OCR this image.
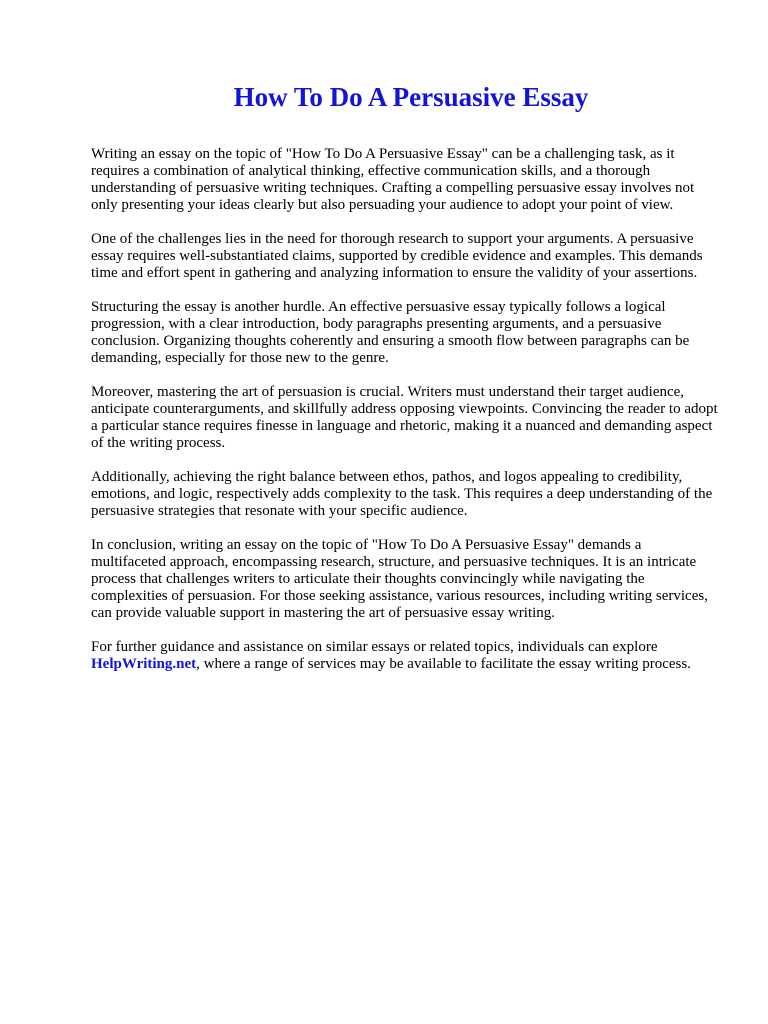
How To Do A Persuasive Essay

Writing an essay on the topic of "How To Do A Persuasive Essay" can be a challenging task, as it requires a combination of analytical thinking, effective communication skills, and a thorough understanding of persuasive writing techniques. Crafting a compelling persuasive essay involves not only presenting your ideas clearly but also persuading your audience to adopt your point of view.

One of the challenges lies in the need for thorough research to support your arguments. A persuasive essay requires well-substantiated claims, supported by credible evidence and examples. This demands time and effort spent in gathering and analyzing information to ensure the validity of your assertions.

Structuring the essay is another hurdle. An effective persuasive essay typically follows a logical progression, with a clear introduction, body paragraphs presenting arguments, and a persuasive conclusion. Organizing thoughts coherently and ensuring a smooth flow between paragraphs can be demanding, especially for those new to the genre.

Moreover, mastering the art of persuasion is crucial. Writers must understand their target audience, anticipate counterarguments, and skillfully address opposing viewpoints. Convincing the reader to adopt a particular stance requires finesse in language and rhetoric, making it a nuanced and demanding aspect of the writing process.

Additionally, achieving the right balance between ethos, pathos, and logos appealing to credibility, emotions, and logic, respectively adds complexity to the task. This requires a deep understanding of the persuasive strategies that resonate with your specific audience.

In conclusion, writing an essay on the topic of "How To Do A Persuasive Essay" demands a multifaceted approach, encompassing research, structure, and persuasive techniques. It is an intricate process that challenges writers to articulate their thoughts convincingly while navigating the complexities of persuasion. For those seeking assistance, various resources, including writing services, can provide valuable support in mastering the art of persuasive essay writing.

For further guidance and assistance on similar essays or related topics, individuals can explore HelpWriting.net, where a range of services may be available to facilitate the essay writing process.
